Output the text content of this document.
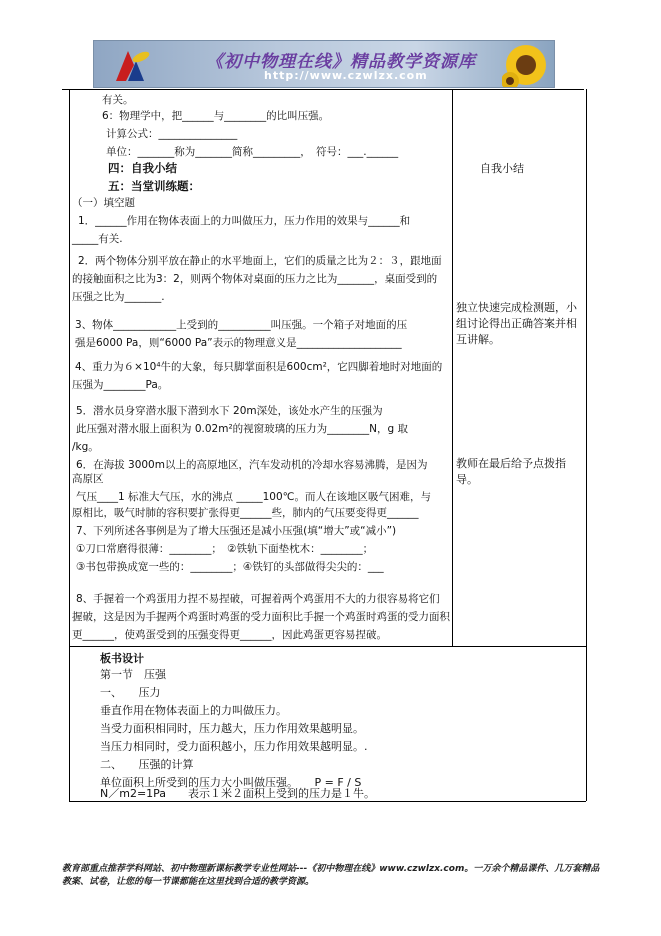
《初中物理在线》精品教学资源库
http://www.czwlzx.com
有关。
6：物理学中，把______与________的比叫压强。
计算公式：_______________
单位：_______称为_______简称_________，　符号：___.______
四：自我小结
五：当堂训练题：
（一）填空题
1．______作用在物体表面上的力叫做压力，压力作用的效果与______和
_____有关.
2．两个物体分别平放在静止的水平地面上，它们的质量之比为２：３，跟地面
的接触面积之比为3：2，则两个物体对桌面的压力之比为_______，桌面受到的
压强之比为_______.
3、物体____________上受到的__________叫压强。一个箱子对地面的压
强是6000 Pa，则“6000 Pa”表示的物理意义是____________________
4、重力为６×10⁴牛的大象，每只脚掌面积是600cm²，它四脚着地时对地面的
压强为________Pa。
5．潜水员身穿潜水服下潜到水下 20m深处，该处水产生的压强为
此压强对潜水服上面积为 0.02m²的视窗玻璃的压力为________N，g 取
/kg。
6．在海拔 3000m以上的高原地区，汽车发动机的冷却水容易沸腾，是因为
高原区
气压____1 标准大气压，水的沸点 _____100℃。而人在该地区吸气困难，与
原相比，吸气时肺的容积要扩张得更______些，肺内的气压要变得更______
7、下列所述各事例是为了增大压强还是减小压强(填“增大”或“减小”)
①刀口常磨得很薄：________；　②铁轨下面垫枕木：________；
③书包带换成宽一些的：________；④铁钉的头部做得尖尖的：___
8、手握着一个鸡蛋用力捏不易捏破，可握着两个鸡蛋用不大的力很容易将它们
握破，这是因为手握两个鸡蛋时鸡蛋的受力面积比手握一个鸡蛋时鸡蛋的受力面积
更______，使鸡蛋受到的压强变得更______，因此鸡蛋更容易捏破。
自我小结
独立快速完成检测题，小组讨论得出正确答案并相互讲解。
教师在最后给予点拨指导。
板书设计
第一节　压强
一、　　压力
垂直作用在物体表面上的力叫做压力。
当受力面积相同时，压力越大，压力作用效果越明显。
当压力相同时，受力面积越小，压力作用效果越明显。.
二、　　压强的计算
单位面积上所受到的压力大小叫做压强。　　P = F / S
N／m2=1Pa　　表示１米２面积上受到的压力是１牛。
教育部重点推荐学科网站、初中物理新课标教学专业性网站---《初中物理在线》www.czwlzx.com。一万余个精品课件、几万套精品教案、试卷，让您的每一节课都能在这里找到合适的教学资源。
